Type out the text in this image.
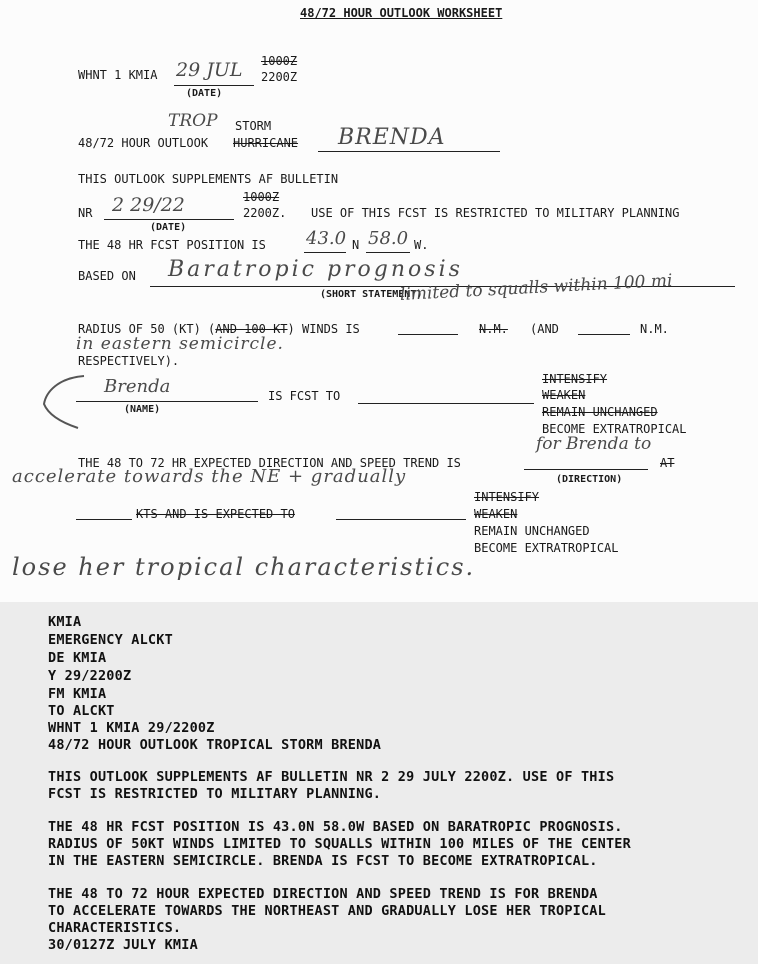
48/72 HOUR OUTLOOK WORKSHEET
WHNT 1 KMIA 29 JUL 1000Z
2200Z
(DATE)
TROP STORM
48/72 HOUR OUTLOOK HURRICANE BRENDA
THIS OUTLOOK SUPPLEMENTS AF BULLETIN
NR 2 29/22	1000Z
2200Z. USE OF THIS FCST IS RESTRICTED TO MILITARY PLANNING
(DATE)
THE 48 HR FCST POSITION IS 43.0 N 58.0 W.
BASED ON Baratropic prognosis
(SHORT STATEMENT)
limited to squalls within 100 mi
RADIUS OF 50 (KT) (AND 100 KT) WINDS IS	N.M. (AND	N.M.
in eastern semicircle.
RESPECTIVELY).
Brenda
(NAME)
IS FCST TO
INTENSIFY
WEAKEN
REMAIN UNCHANGED
BECOME EXTRATROPICAL
THE 48 TO 72 HR EXPECTED DIRECTION AND SPEED TREND IS
for Brenda to
AT
(DIRECTION)
accelerate towards the NE + gradually
KTS AND IS EXPECTED TO
INTENSIFY
WEAKEN
REMAIN UNCHANGED
BECOME EXTRATROPICAL
lose her tropical characteristics.
KMIA
EMERGENCY ALCKT
DE KMIA
Y 29/2200Z
FM KMIA
TO ALCKT
WHNT 1 KMIA 29/2200Z
48/72 HOUR OUTLOOK TROPICAL STORM BRENDA
THIS OUTLOOK SUPPLEMENTS AF BULLETIN NR 2 29 JULY 2200Z. USE OF THIS
FCST IS RESTRICTED TO MILITARY PLANNING.
THE 48 HR FCST POSITION IS 43.0N 58.0W BASED ON BARATROPIC PROGNOSIS.
RADIUS OF 50KT WINDS LIMITED TO SQUALLS WITHIN 100 MILES OF THE CENTER
IN THE EASTERN SEMICIRCLE. BRENDA IS FCST TO BECOME EXTRATROPICAL.
THE 48 TO 72 HOUR EXPECTED DIRECTION AND SPEED TREND IS FOR BRENDA
TO ACCELERATE TOWARDS THE NORTHEAST AND GRADUALLY LOSE HER TROPICAL
CHARACTERISTICS.
30/0127Z JULY KMIA
